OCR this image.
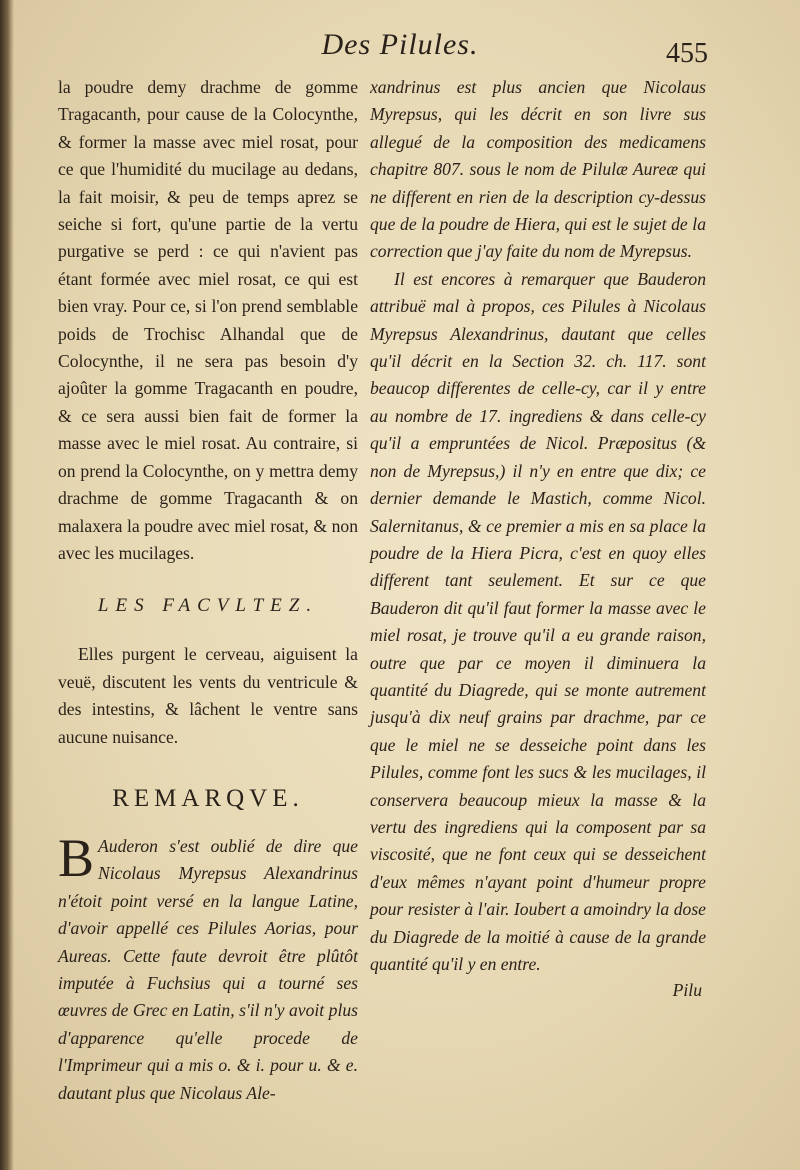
Des Pilules.	455
la poudre demy drachme de gomme Tragacanth, pour cause de la Colocynthe, & former la masse avec miel rosat, pour ce que l'humidité du mucilage au dedans, la fait moisir, & peu de temps aprez se seiche si fort, qu'une partie de la vertu purgative se perd : ce qui n'avient pas étant formée avec miel rosat, ce qui est bien vray. Pour ce, si l'on prend semblable poids de Trochisc Alhandal que de Colocynthe, il ne sera pas besoin d'y ajoûter la gomme Tragacanth en poudre, & ce sera aussi bien fait de former la masse avec le miel rosat. Au contraire, si on prend la Colocynthe, on y mettra demy drachme de gomme Tragacanth & on malaxera la poudre avec miel rosat, & non avec les mucilages.
LES FACVLTEZ.
Elles purgent le cerveau, aiguisent la veuë, discutent les vents du ventricule & des intestins, & lâchent le ventre sans aucune nuisance.
REMARQVE.
B Auderon s'est oublié de dire que Nicolaus Myrepsus Alexandrinus n'étoit point versé en la langue Latine, d'avoir appellé ces Pilules Aorias, pour Aureas. Cette faute devroit être plûtôt imputée à Fuchsius qui a tourné ses œuvres de Grec en Latin, s'il n'y avoit plus d'apparence qu'elle procede de l'Imprimeur qui a mis o. & i. pour u. & e. dautant plus que Nicolaus Ale-
xandrinus est plus ancien que Nicolaus Myrepsus, qui les décrit en son livre sus allegué de la composition des medicamens chapitre 807. sous le nom de Pilulæ Aureæ qui ne different en rien de la description cy-dessus que de la poudre de Hiera, qui est le sujet de la correction que j'ay faite du nom de Myrepsus.
Il est encores à remarquer que Bauderon attribuë mal à propos, ces Pilules à Nicolaus Myrepsus Alexandrinus, dautant que celles qu'il décrit en la Section 32. ch. 117. sont beaucop differentes de celle-cy, car il y entre au nombre de 17. ingrediens & dans celle-cy qu'il a empruntées de Nicol. Præpositus (& non de Myrepsus,) il n'y en entre que dix; ce dernier demande le Mastich, comme Nicol. Salernitanus, & ce premier a mis en sa place la poudre de la Hiera Picra, c'est en quoy elles different tant seulement. Et sur ce que Bauderon dit qu'il faut former la masse avec le miel rosat, je trouve qu'il a eu grande raison, outre que par ce moyen il diminuera la quantité du Diagrede, qui se monte autrement jusqu'à dix neuf grains par drachme, par ce que le miel ne se desseiche point dans les Pilules, comme font les sucs & les mucilages, il conservera beaucoup mieux la masse & la vertu des ingrediens qui la composent par sa viscosité, que ne font ceux qui se desseichent d'eux mêmes n'ayant point d'humeur propre pour resister à l'air. Ioubert a amoindry la dose du Diagrede de la moitié à cause de la grande quantité qu'il y en entre.
Pilu
